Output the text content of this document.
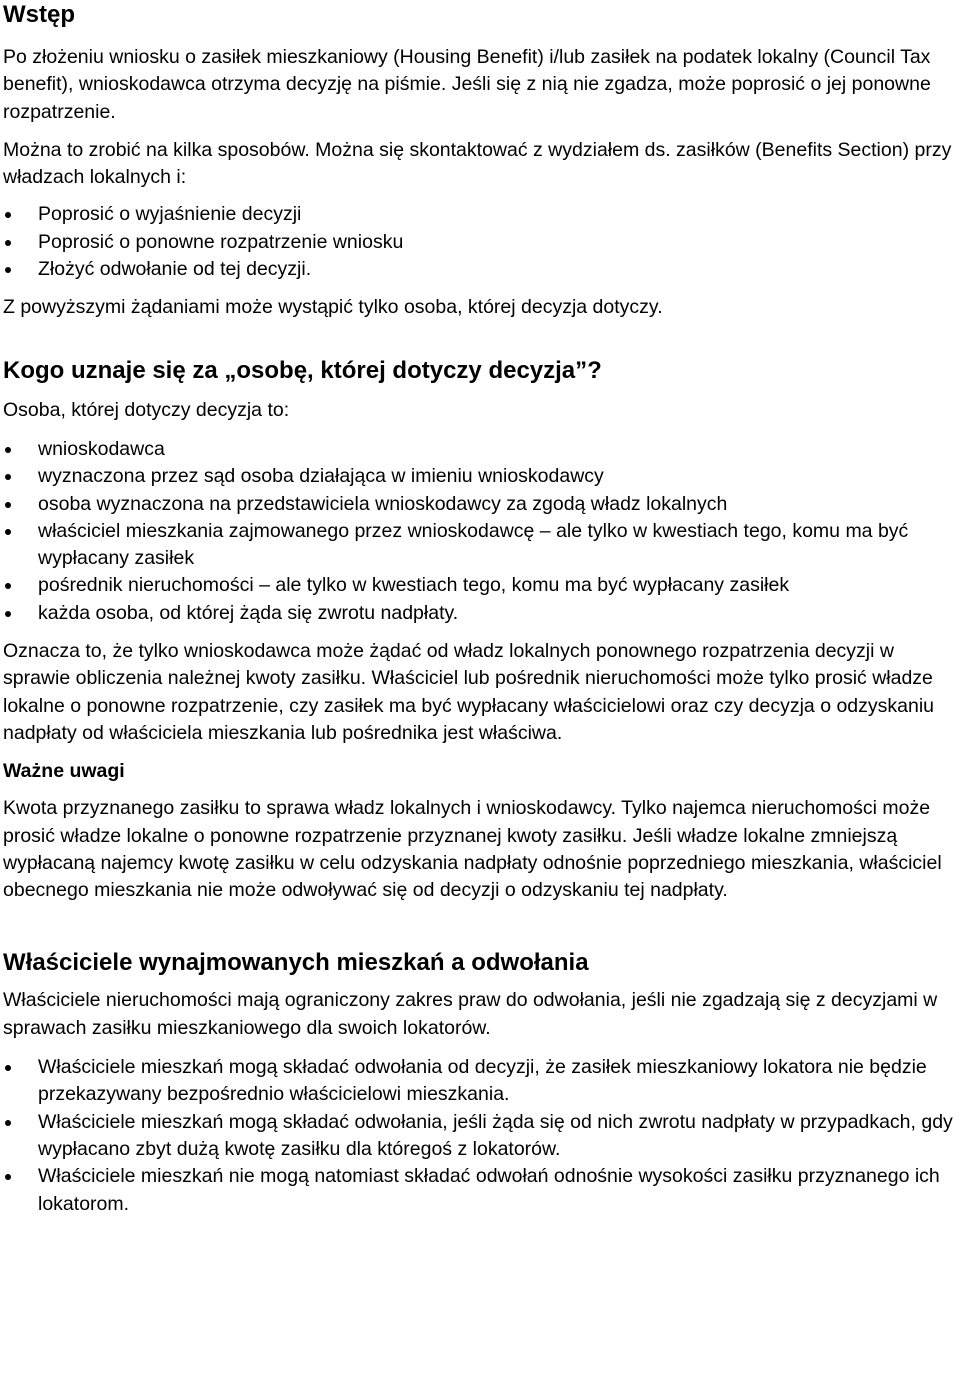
Wstęp

Po złożeniu wniosku o zasiłek mieszkaniowy (Housing Benefit) i/lub zasiłek na podatek lokalny (Council Tax benefit), wnioskodawca otrzyma decyzję na piśmie. Jeśli się z nią nie zgadza, może poprosić o jej ponowne rozpatrzenie.

Można to zrobić na kilka sposobów. Można się skontaktować z wydziałem ds. zasiłków (Benefits Section) przy władzach lokalnych i:

Poprosić o wyjaśnienie decyzji
Poprosić o ponowne rozpatrzenie wniosku
Złożyć odwołanie od tej decyzji.

Z powyższymi żądaniami może wystąpić tylko osoba, której decyzja dotyczy.

Kogo uznaje się za „osobę, której dotyczy decyzja”?

Osoba, której dotyczy decyzja to:

wnioskodawca
wyznaczona przez sąd osoba działająca w imieniu wnioskodawcy
osoba wyznaczona na przedstawiciela wnioskodawcy za zgodą władz lokalnych
właściciel mieszkania zajmowanego przez wnioskodawcę – ale tylko w kwestiach tego, komu ma być wypłacany zasiłek
pośrednik nieruchomości – ale tylko w kwestiach tego, komu ma być wypłacany zasiłek
każda osoba, od której żąda się zwrotu nadpłaty.

Oznacza to, że tylko wnioskodawca może żądać od władz lokalnych ponownego rozpatrzenia decyzji w sprawie obliczenia należnej kwoty zasiłku. Właściciel lub pośrednik nieruchomości może tylko prosić władze lokalne o ponowne rozpatrzenie, czy zasiłek ma być wypłacany właścicielowi oraz czy decyzja o odzyskaniu nadpłaty od właściciela mieszkania lub pośrednika jest właściwa.

Ważne uwagi

Kwota przyznanego zasiłku to sprawa władz lokalnych i wnioskodawcy. Tylko najemca nieruchomości może prosić władze lokalne o ponowne rozpatrzenie przyznanej kwoty zasiłku. Jeśli władze lokalne zmniejszą wypłacaną najemcy kwotę zasiłku w celu odzyskania nadpłaty odnośnie poprzedniego mieszkania, właściciel obecnego mieszkania nie może odwoływać się od decyzji o odzyskaniu tej nadpłaty.

Właściciele wynajmowanych mieszkań a odwołania

Właściciele nieruchomości mają ograniczony zakres praw do odwołania, jeśli nie zgadzają się z decyzjami w sprawach zasiłku mieszkaniowego dla swoich lokatorów.

Właściciele mieszkań mogą składać odwołania od decyzji, że zasiłek mieszkaniowy lokatora nie będzie przekazywany bezpośrednio właścicielowi mieszkania.
Właściciele mieszkań mogą składać odwołania, jeśli żąda się od nich zwrotu nadpłaty w przypadkach, gdy wypłacano zbyt dużą kwotę zasiłku dla któregoś z lokatorów.
Właściciele mieszkań nie mogą natomiast składać odwołań odnośnie wysokości zasiłku przyznanego ich lokatorom.
